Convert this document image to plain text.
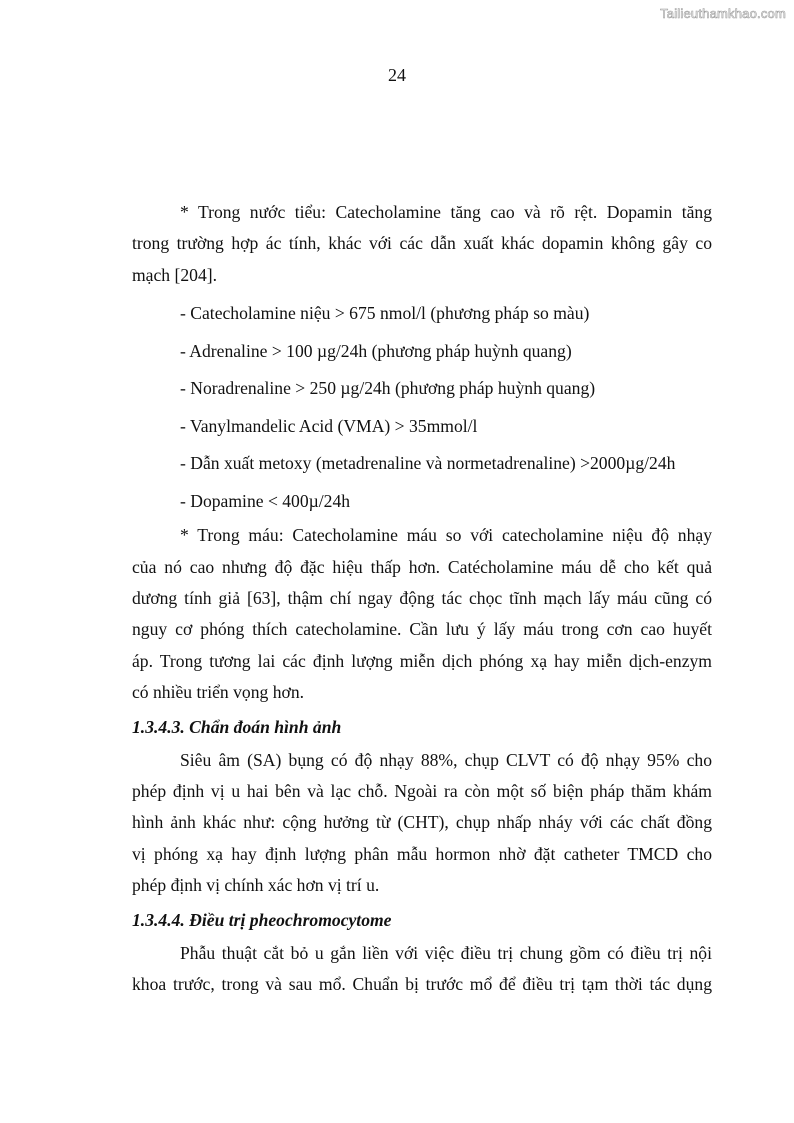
Tailieuthamkhao.com
24

* Trong nước tiểu: Catecholamine tăng cao và rõ rệt. Dopamin tăng
trong trường hợp ác tính, khác với các dẫn xuất khác dopamin không gây co
mạch [204].

- Catecholamine niệu > 675 nmol/l (phương pháp so màu)
- Adrenaline > 100 µg/24h (phương pháp huỳnh quang)
- Noradrenaline > 250 µg/24h (phương pháp huỳnh quang)
- Vanylmandelic Acid (VMA) > 35mmol/l
- Dẫn xuất metoxy (metadrenaline và normetadrenaline) >2000µg/24h
- Dopamine < 400µ/24h

* Trong máu: Catecholamine máu so với catecholamine niệu độ nhạy
của nó cao nhưng độ đặc hiệu thấp hơn. Catécholamine máu dễ cho kết quả
dương tính giả [63], thậm chí ngay động tác chọc tĩnh mạch lấy máu cũng có
nguy cơ phóng thích catecholamine. Cần lưu ý lấy máu trong cơn cao huyết
áp. Trong tương lai các định lượng miễn dịch phóng xạ hay miễn dịch-enzym
có nhiều triển vọng hơn.

1.3.4.3. Chẩn đoán hình ảnh

Siêu âm (SA) bụng có độ nhạy 88%, chụp CLVT có độ nhạy 95% cho
phép định vị u hai bên và lạc chỗ. Ngoài ra còn một số biện pháp thăm khám
hình ảnh khác như: cộng hưởng từ (CHT), chụp nhấp nháy với các chất đồng
vị phóng xạ hay định lượng phân mẫu hormon nhờ đặt catheter TMCD cho
phép định vị chính xác hơn vị trí u.

1.3.4.4. Điều trị pheochromocytome

Phẫu thuật cắt bỏ u gắn liền với việc điều trị chung gồm có điều trị nội
khoa trước, trong và sau mổ. Chuẩn bị trước mổ để điều trị tạm thời tác dụng
